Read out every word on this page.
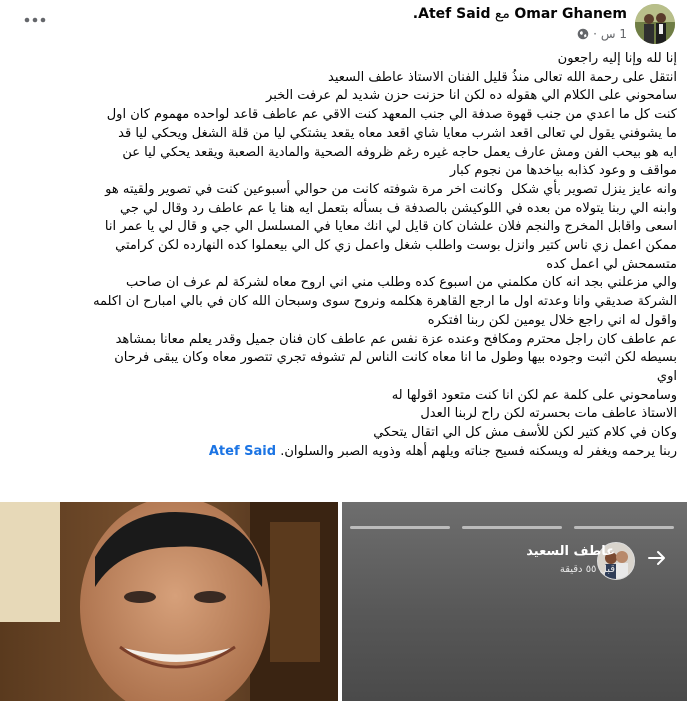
Omar Ghanem مع Atef Said.
1 س
·
إنا لله وإنا إليه راجعون
انتقل على رحمة الله تعالى منذُ قليل الفنان الاستاذ عاطف السعيد
سامحوني على الكلام الي هقوله ده لكن انا حزنت حزن شديد لم عرفت الخبر
كنت كل ما اعدي من جنب قهوة صدفة الي جنب المعهد كنت الاقي عم عاطف قاعد لواحده مهموم كان اول
ما يشوفني يقول لي تعالى اقعد اشرب معايا شاي اقعد معاه يقعد يشتكي ليا من قلة الشغل ويحكي ليا قد
ايه هو بيحب الفن ومش عارف يعمل حاجه غيره رغم ظروفه الصحية والمادية الصعبة ويقعد يحكي ليا عن
مواقف و وعود كذابه بياخدها من نجوم كبار
وانه عايز ينزل تصوير بأي شكل  وكانت اخر مرة شوفته كانت من حوالي أسبوعين كنت في تصوير ولقيته هو
وابنه الي ربنا يتولاه من بعده في اللوكيشن بالصدفة ف بسأله بتعمل ايه هنا يا عم عاطف رد وقال لي جي
اسعى واقابل المخرج والنجم فلان علشان كان قايل لي انك معايا في المسلسل الي جي و قال لي يا عمر انا
ممكن اعمل زي ناس كتير وانزل بوست واطلب شغل واعمل زي كل الي بيعملوا كده النهارده لكن كرامتي
متسمحش لي اعمل كده
والي مزعلني بجد انه كان مكلمني من اسبوع كده وطلب مني اني اروح معاه لشركة لم عرف ان صاحب
الشركة صديقي وانا وعدته اول ما ارجع القاهرة هكلمه ونروح سوى وسبحان الله كان في بالي امبارح ان اكلمه
واقول له اني راجع خلال يومين لكن ربنا افتكره
عم عاطف كان راجل محترم ومكافح وعنده عزة نفس عم عاطف كان فنان جميل وقدر يعلم معانا بمشاهد
بسيطه لكن اثبت وجوده بيها وطول ما انا معاه كانت الناس لم تشوفه تجري تتصور معاه وكان يبقى فرحان
اوي
وسامحوني على كلمة عم لكن انا كنت متعود اقولها له
الاستاذ عاطف مات بحسرته لكن راح لربنا العدل
وكان في كلام كتير لكن للأسف مش كل الي اتقال يتحكي
ربنا يرحمه ويغفر له ويسكنه فسيح جناته ويلهم أهله وذويه الصبر والسلوان. Atef Said
عاطف السعيد
قبل ٥٥ دقيقة
